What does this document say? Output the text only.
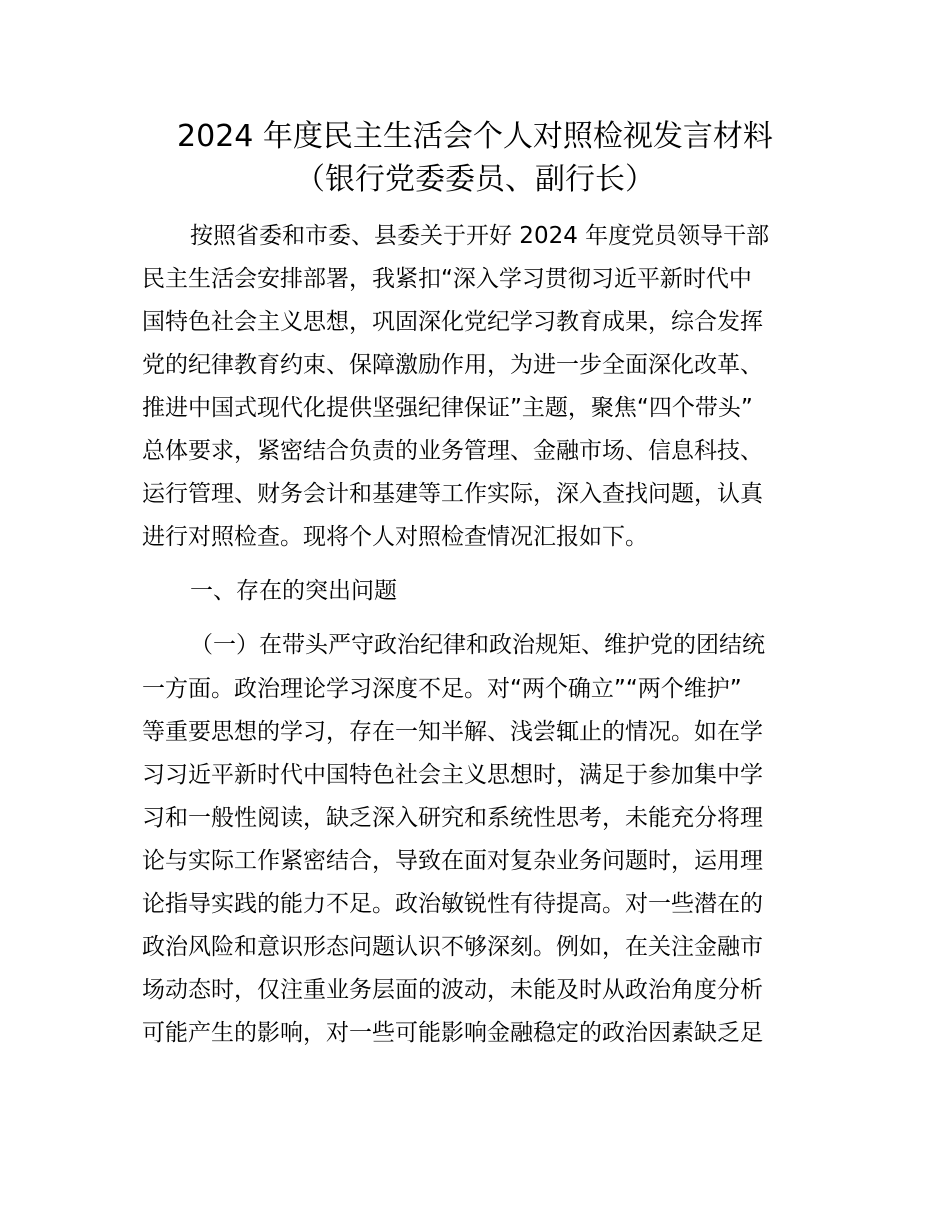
2024 年度民主生活会个人对照检视发言材料
（银行党委委员、副行长）
按照省委和市委、县委关于开好 2024 年度党员领导干部
民主生活会安排部署，我紧扣“深入学习贯彻习近平新时代中
国特色社会主义思想，巩固深化党纪学习教育成果，综合发挥
党的纪律教育约束、保障激励作用，为进一步全面深化改革、
推进中国式现代化提供坚强纪律保证”主题，聚焦“四个带头”
总体要求，紧密结合负责的业务管理、金融市场、信息科技、
运行管理、财务会计和基建等工作实际，深入查找问题，认真
进行对照检查。现将个人对照检查情况汇报如下。
一、存在的突出问题
（一）在带头严守政治纪律和政治规矩、维护党的团结统
一方面。政治理论学习深度不足。对“两个确立”“两个维护”
等重要思想的学习，存在一知半解、浅尝辄止的情况。如在学
习习近平新时代中国特色社会主义思想时，满足于参加集中学
习和一般性阅读，缺乏深入研究和系统性思考，未能充分将理
论与实际工作紧密结合，导致在面对复杂业务问题时，运用理
论指导实践的能力不足。政治敏锐性有待提高。对一些潜在的
政治风险和意识形态问题认识不够深刻。例如，在关注金融市
场动态时，仅注重业务层面的波动，未能及时从政治角度分析
可能产生的影响，对一些可能影响金融稳定的政治因素缺乏足
